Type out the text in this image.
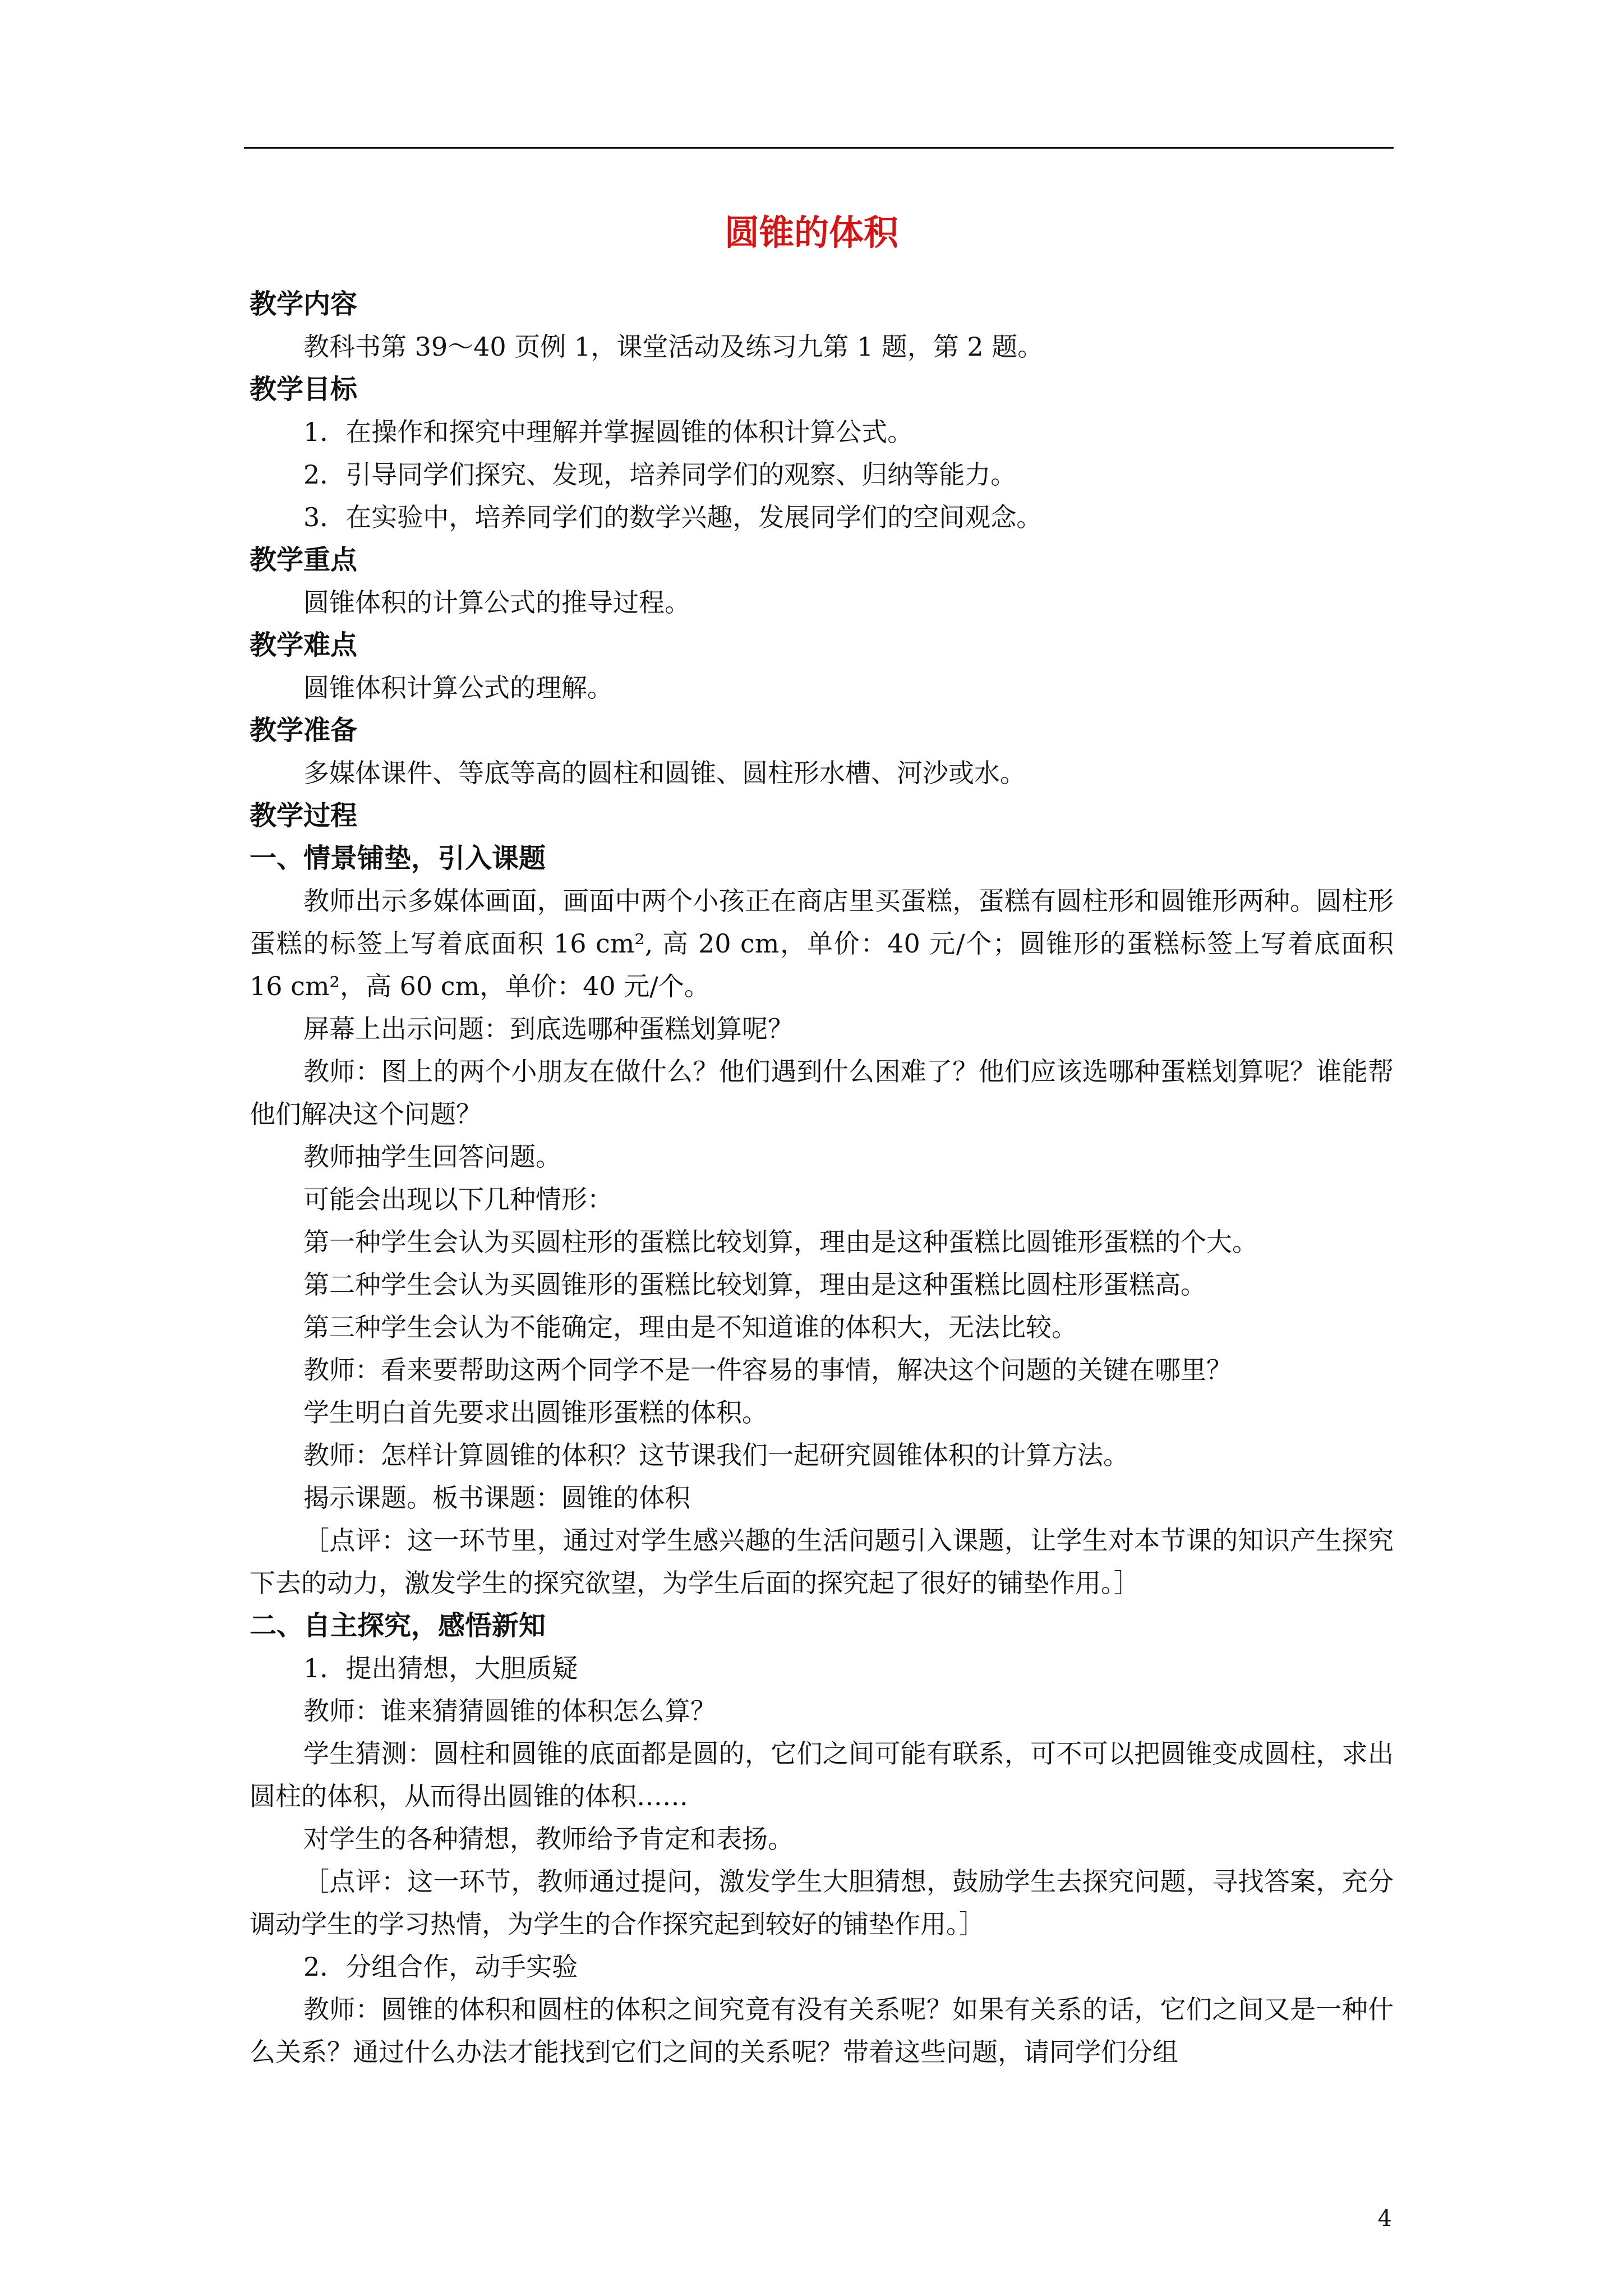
圆锥的体积
教学内容
教科书第 39～40 页例 1，课堂活动及练习九第 1 题，第 2 题。
教学目标
1．在操作和探究中理解并掌握圆锥的体积计算公式。
2．引导同学们探究、发现，培养同学们的观察、归纳等能力。
3．在实验中，培养同学们的数学兴趣，发展同学们的空间观念。
教学重点
圆锥体积的计算公式的推导过程。
教学难点
圆锥体积计算公式的理解。
教学准备
多媒体课件、等底等高的圆柱和圆锥、圆柱形水槽、河沙或水。
教学过程
一、情景铺垫，引入课题
教师出示多媒体画面，画面中两个小孩正在商店里买蛋糕，蛋糕有圆柱形和圆锥形两种。圆柱形蛋糕的标签上写着底面积 16 cm², 高 20 cm，单价：40 元/个；圆锥形的蛋糕标签上写着底面积 16 cm²，高 60 cm，单价：40 元/个。
屏幕上出示问题：到底选哪种蛋糕划算呢？
教师：图上的两个小朋友在做什么？他们遇到什么困难了？他们应该选哪种蛋糕划算呢？谁能帮他们解决这个问题？
教师抽学生回答问题。
可能会出现以下几种情形：
第一种学生会认为买圆柱形的蛋糕比较划算，理由是这种蛋糕比圆锥形蛋糕的个大。
第二种学生会认为买圆锥形的蛋糕比较划算，理由是这种蛋糕比圆柱形蛋糕高。
第三种学生会认为不能确定，理由是不知道谁的体积大，无法比较。
教师：看来要帮助这两个同学不是一件容易的事情，解决这个问题的关键在哪里？
学生明白首先要求出圆锥形蛋糕的体积。
教师：怎样计算圆锥的体积？这节课我们一起研究圆锥体积的计算方法。
揭示课题。板书课题：圆锥的体积
［点评：这一环节里，通过对学生感兴趣的生活问题引入课题，让学生对本节课的知识产生探究下去的动力，激发学生的探究欲望，为学生后面的探究起了很好的铺垫作用。］
二、自主探究，感悟新知
1．提出猜想，大胆质疑
教师：谁来猜猜圆锥的体积怎么算？
学生猜测：圆柱和圆锥的底面都是圆的，它们之间可能有联系，可不可以把圆锥变成圆柱，求出圆柱的体积，从而得出圆锥的体积……
对学生的各种猜想，教师给予肯定和表扬。
［点评：这一环节，教师通过提问，激发学生大胆猜想，鼓励学生去探究问题，寻找答案，充分调动学生的学习热情，为学生的合作探究起到较好的铺垫作用。］
2．分组合作，动手实验
教师：圆锥的体积和圆柱的体积之间究竟有没有关系呢？如果有关系的话，它们之间又是一种什么关系？通过什么办法才能找到它们之间的关系呢？带着这些问题，请同学们分组
4
